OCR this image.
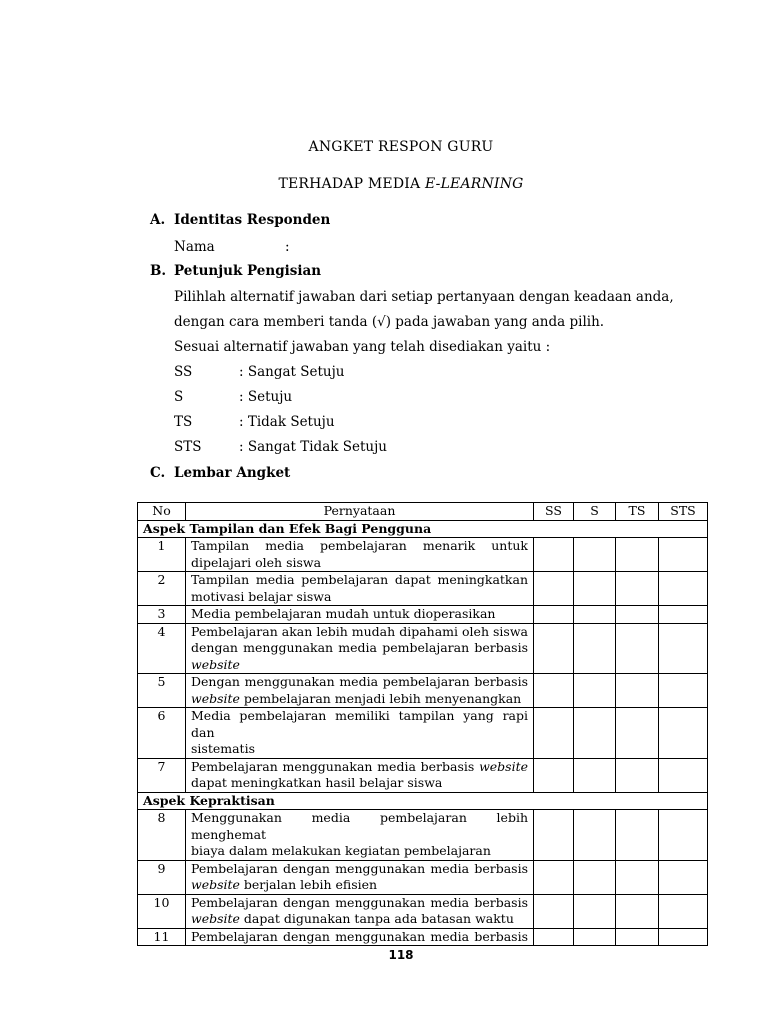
ANGKET RESPON GURU
TERHADAP MEDIA E-LEARNING
A. Identitas Responden
Nama	:
B. Petunjuk Pengisian
Pilihlah alternatif jawaban dari setiap pertanyaan dengan keadaan anda,
dengan cara memberi tanda (√) pada jawaban yang anda pilih.
Sesuai alternatif jawaban yang telah disediakan yaitu :
SS	: Sangat Setuju
S	: Setuju
TS	: Tidak Setuju
STS	: Sangat Tidak Setuju
C. Lembar Angket
No	Pernyataan	SS	S	TS	STS
Aspek Tampilan dan Efek Bagi Pengguna					
1	Tampilan media pembelajaran menarik untuk
dipelajari oleh siswa				

2	Tampilan media pembelajaran dapat meningkatkan
motivasi belajar siswa				

3	Media pembelajaran mudah untuk dioperasikan				

4	Pembelajaran akan lebih mudah dipahami oleh siswa
dengan menggunakan media pembelajaran berbasis
website				

5	Dengan menggunakan media pembelajaran berbasis
website pembelajaran menjadi lebih menyenangkan				

6	Media pembelajaran memiliki tampilan yang rapi dan
sistematis				

7	Pembelajaran menggunakan media berbasis website
dapat meningkatkan hasil belajar siswa				

Aspek Kepraktisan					
8	Menggunakan media pembelajaran lebih menghemat
biaya dalam melakukan kegiatan pembelajaran				

9	Pembelajaran dengan menggunakan media berbasis
website berjalan lebih efisien				

10	Pembelajaran dengan menggunakan media berbasis
website dapat digunakan tanpa ada batasan waktu				

11	Pembelajaran dengan menggunakan media berbasis				

118
